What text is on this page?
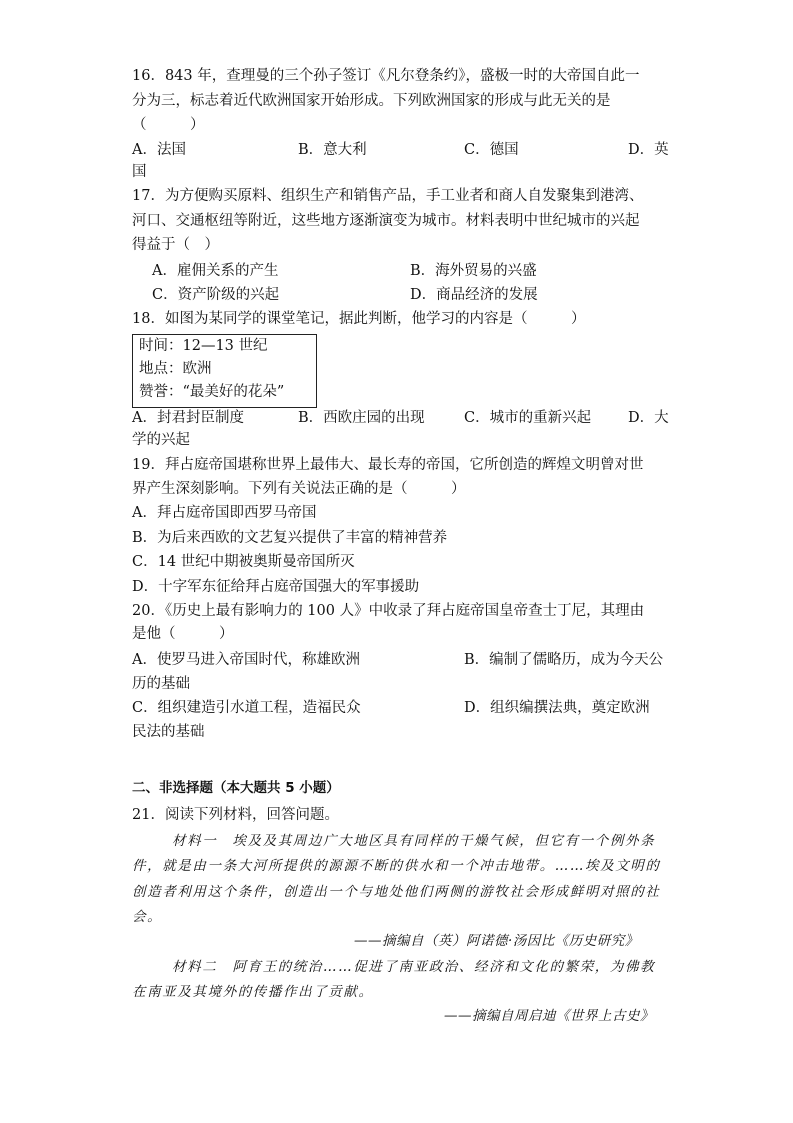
16．843 年，查理曼的三个孙子签订《凡尔登条约》，盛极一时的大帝国自此一
分为三，标志着近代欧洲国家开始形成。下列欧洲国家的形成与此无关的是
（　　　）
A．法国	B．意大利	C．德国	D．英
国
17．为方便购买原料、组织生产和销售产品，手工业者和商人自发聚集到港湾、
河口、交通枢纽等附近，这些地方逐渐演变为城市。材料表明中世纪城市的兴起
得益于（　）
A．雇佣关系的产生	B．海外贸易的兴盛
C．资产阶级的兴起	D．商品经济的发展
18．如图为某同学的课堂笔记，据此判断，他学习的内容是（　　　）
时间：12—13 世纪
地点：欧洲
赞誉：“最美好的花朵”
A．封君封臣制度	B．西欧庄园的出现	C．城市的重新兴起	D．大
学的兴起
19．拜占庭帝国堪称世界上最伟大、最长寿的帝国，它所创造的辉煌文明曾对世
界产生深刻影响。下列有关说法正确的是（　　　）
A．拜占庭帝国即西罗马帝国
B．为后来西欧的文艺复兴提供了丰富的精神营养
C．14 世纪中期被奥斯曼帝国所灭
D．十字军东征给拜占庭帝国强大的军事援助
20．《历史上最有影响力的 100 人》中收录了拜占庭帝国皇帝查士丁尼，其理由
是他（　　　）
A．使罗马进入帝国时代，称雄欧洲	B．编制了儒略历，成为今天公
历的基础
C．组织建造引水道工程，造福民众	D．组织编撰法典，奠定欧洲
民法的基础
二、非选择题（本大题共 5 小题）
21．阅读下列材料，回答问题。
材料一　埃及及其周边广大地区具有同样的干燥气候，但它有一个例外条
件，就是由一条大河所提供的源源不断的供水和一个冲击地带。……埃及文明的
创造者利用这个条件，创造出一个与地处他们两侧的游牧社会形成鲜明对照的社
会。
——摘编自（英）阿诺德·汤因比《历史研究》
材料二　阿育王的统治……促进了南亚政治、经济和文化的繁荣，为佛教
在南亚及其境外的传播作出了贡献。
——摘编自周启迪《世界上古史》
